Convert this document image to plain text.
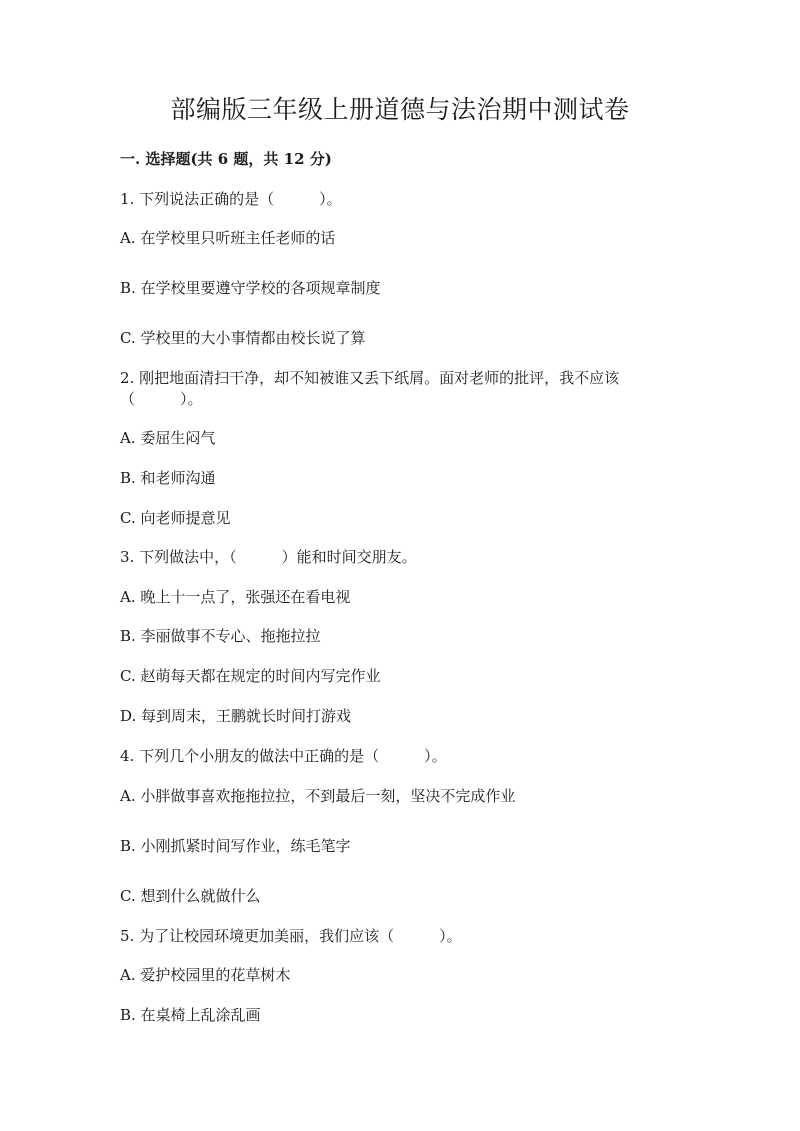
部编版三年级上册道德与法治期中测试卷
一. 选择题(共 6 题，共 12 分)
1. 下列说法正确的是（　　　）。
A. 在学校里只听班主任老师的话
B. 在学校里要遵守学校的各项规章制度
C. 学校里的大小事情都由校长说了算
2. 刚把地面清扫干净，却不知被谁又丢下纸屑。面对老师的批评，我不应该
（　　　）。
A. 委屈生闷气
B. 和老师沟通
C. 向老师提意见
3. 下列做法中，（　　　）能和时间交朋友。
A. 晚上十一点了，张强还在看电视
B. 李丽做事不专心、拖拖拉拉
C. 赵萌每天都在规定的时间内写完作业
D. 每到周末，王鹏就长时间打游戏
4. 下列几个小朋友的做法中正确的是（　　　）。
A. 小胖做事喜欢拖拖拉拉，不到最后一刻，坚决不完成作业
B. 小刚抓紧时间写作业，练毛笔字
C. 想到什么就做什么
5. 为了让校园环境更加美丽，我们应该（　　　）。
A. 爱护校园里的花草树木
B. 在桌椅上乱涂乱画
